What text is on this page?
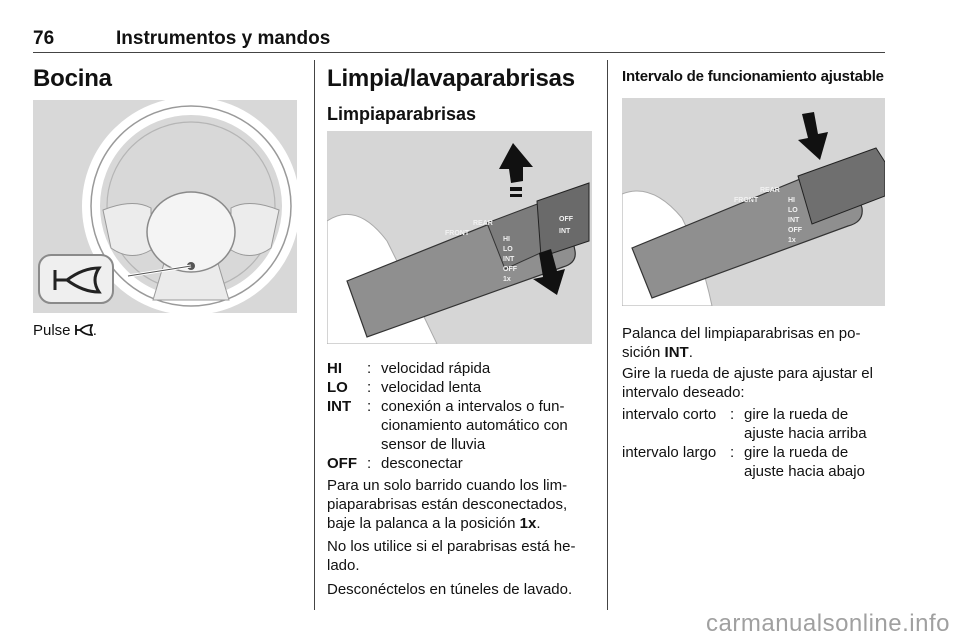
76	Instrumentos y mandos
Bocina
Pulse .
Limpia/lavaparabrisas
Limpiaparabrisas
FRONT
REAR
HI
LO
INT
OFF
1x
OFF
INT
HI	:	velocidad rápida
LO	:	velocidad lenta
INT	:	conexión a intervalos o fun-
cionamiento automático con
sensor de lluvia
OFF	:	desconectar

Para un solo barrido cuando los lim-
piaparabrisas están desconectados,
baje la palanca a la posición 1x.

No los utilice si el parabrisas está he-
lado.

Desconéctelos en túneles de lavado.

Intervalo de funcionamiento ajustable
FRONT
REAR
HI
LO
INT
OFF
1x

Palanca del limpiaparabrisas en po-
sición INT.

Gire la rueda de ajuste para ajustar el
intervalo deseado:

intervalo corto	:	gire la rueda de
ajuste hacia arriba
intervalo largo	:	gire la rueda de
ajuste hacia abajo
carmanualsonline.info
